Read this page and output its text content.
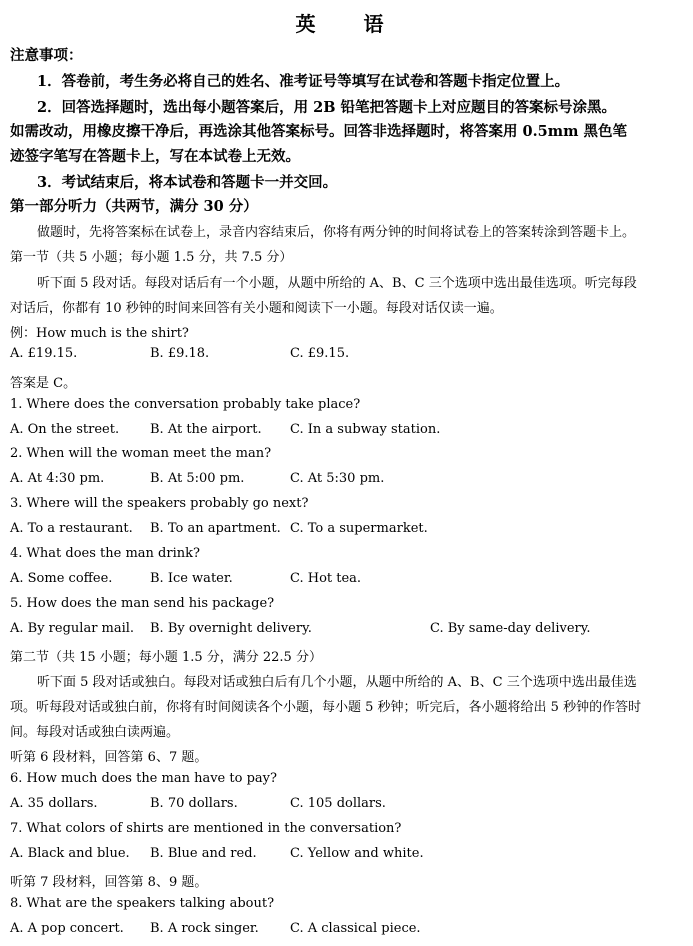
英　语
注意事项：
1．答卷前，考生务必将自己的姓名、准考证号等填写在试卷和答题卡指定位置上。
2．回答选择题时，选出每小题答案后，用 2B 铅笔把答题卡上对应题目的答案标号涂黑。
如需改动，用橡皮擦干净后，再选涂其他答案标号。回答非选择题时，将答案用 0.5mm 黑色笔
迹签字笔写在答题卡上，写在本试卷上无效。
3．考试结束后，将本试卷和答题卡一并交回。
第一部分听力（共两节，满分 30 分）
做题时，先将答案标在试卷上，录音内容结束后，你将有两分钟的时间将试卷上的答案转涂到答题卡上。
第一节（共 5 小题；每小题 1.5 分，共 7.5 分）
听下面 5 段对话。每段对话后有一个小题，从题中所给的 A、B、C 三个选项中选出最佳选项。听完每段
对话后，你都有 10 秒钟的时间来回答有关小题和阅读下一小题。每段对话仅读一遍。
例：How much is the shirt?
A. £19.15.	B. £9.18.	C. £9.15.
答案是 C。
1. Where does the conversation probably take place?
A. On the street. B. At the airport. C. In a subway station.
2. When will the woman meet the man?
A. At 4:30 pm.	B. At 5:00 pm.	C. At 5:30 pm.
3. Where will the speakers probably go next?
A. To a restaurant. B. To an apartment. C. To a supermarket.
4. What does the man drink?
A. Some coffee.	B. Ice water.	C. Hot tea.
5. How does the man send his package?
A. By regular mail. B. By overnight delivery.	C. By same-day delivery.
第二节（共 15 小题；每小题 1.5 分，满分 22.5 分）
听下面 5 段对话或独白。每段对话或独白后有几个小题，从题中所给的 A、B、C 三个选项中选出最佳选
项。听每段对话或独白前，你将有时间阅读各个小题，每小题 5 秒钟；听完后，各小题将给出 5 秒钟的作答时
间。每段对话或独白读两遍。
听第 6 段材料，回答第 6、7 题。
6. How much does the man have to pay?
A. 35 dollars.	B. 70 dollars.	C. 105 dollars.
7. What colors of shirts are mentioned in the conversation?
A. Black and blue. B. Blue and red.	C. Yellow and white.
听第 7 段材料，回答第 8、9 题。
8. What are the speakers talking about?
A. A pop concert. B. A rock singer. C. A classical piece.
